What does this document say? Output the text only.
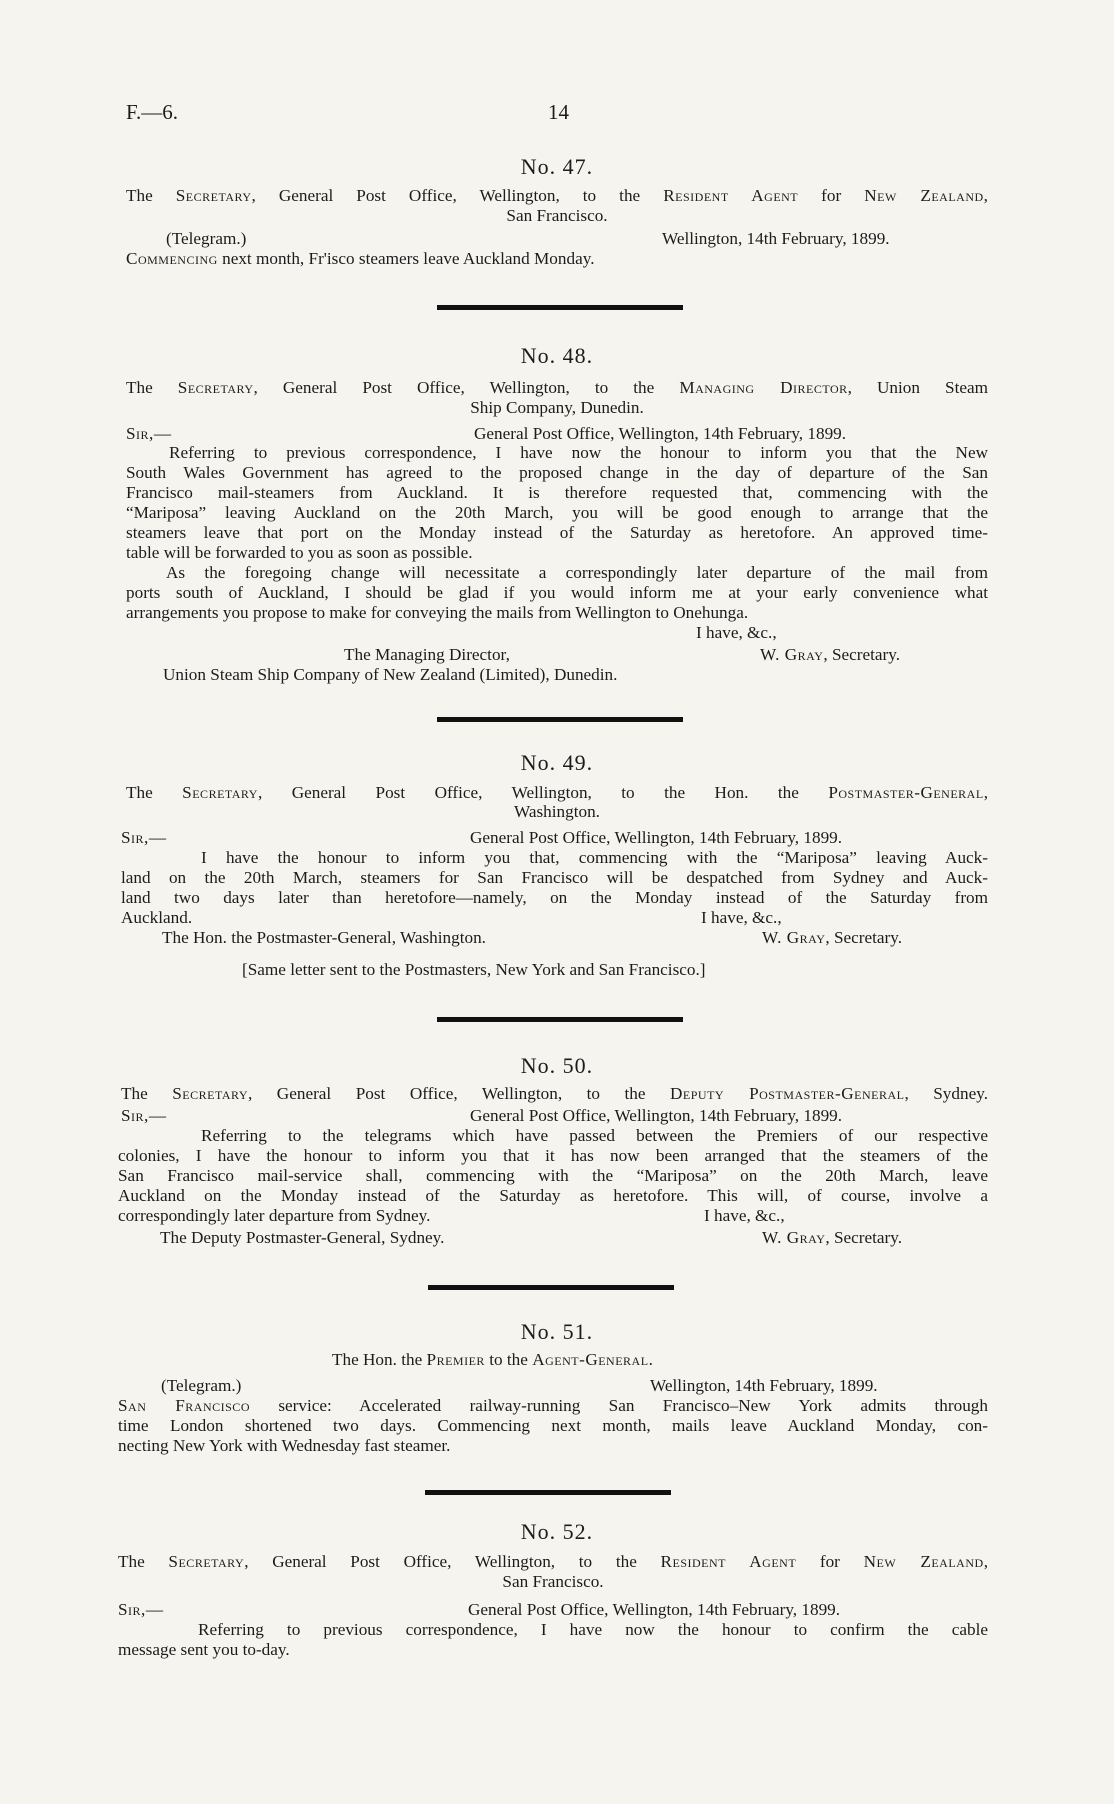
F.—6.	14
No. 47.
The Secretary, General Post Office, Wellington, to the Resident Agent for New Zealand,
San Francisco.
(Telegram.)	Wellington, 14th February, 1899.
Commencing next month, Fr'isco steamers leave Auckland Monday.
No. 48.
The Secretary, General Post Office, Wellington, to the Managing Director, Union Steam
Ship Company, Dunedin.
Sir,—	General Post Office, Wellington, 14th February, 1899.
Referring to previous correspondence, I have now the honour to inform you that the New
South Wales Government has agreed to the proposed change in the day of departure of the San
Francisco mail-steamers from Auckland. It is therefore requested that, commencing with the
“Mariposa” leaving Auckland on the 20th March, you will be good enough to arrange that the
steamers leave that port on the Monday instead of the Saturday as heretofore. An approved time-
table will be forwarded to you as soon as possible.
As the foregoing change will necessitate a correspondingly later departure of the mail from
ports south of Auckland, I should be glad if you would inform me at your early convenience what
arrangements you propose to make for conveying the mails from Wellington to Onehunga.
I have, &c.,
The Managing Director,	W. Gray, Secretary.
Union Steam Ship Company of New Zealand (Limited), Dunedin.
No. 49.
The Secretary, General Post Office, Wellington, to the Hon. the Postmaster-General,
Washington.
Sir,—	General Post Office, Wellington, 14th February, 1899.
I have the honour to inform you that, commencing with the “Mariposa” leaving Auck-
land on the 20th March, steamers for San Francisco will be despatched from Sydney and Auck-
land two days later than heretofore—namely, on the Monday instead of the Saturday from
Auckland.	I have, &c.,
The Hon. the Postmaster-General, Washington.	W. Gray, Secretary.
[Same letter sent to the Postmasters, New York and San Francisco.]
No. 50.
The Secretary, General Post Office, Wellington, to the Deputy Postmaster-General, Sydney.
Sir,—	General Post Office, Wellington, 14th February, 1899.
Referring to the telegrams which have passed between the Premiers of our respective
colonies, I have the honour to inform you that it has now been arranged that the steamers of the
San Francisco mail-service shall, commencing with the “Mariposa” on the 20th March, leave
Auckland on the Monday instead of the Saturday as heretofore. This will, of course, involve a
correspondingly later departure from Sydney.	I have, &c.,
The Deputy Postmaster-General, Sydney.	W. Gray, Secretary.
No. 51.
The Hon. the Premier to the Agent-General.
(Telegram.)	Wellington, 14th February, 1899.
San Francisco service: Accelerated railway-running San Francisco–New York admits through
time London shortened two days. Commencing next month, mails leave Auckland Monday, con-
necting New York with Wednesday fast steamer.
No. 52.
The Secretary, General Post Office, Wellington, to the Resident Agent for New Zealand,
San Francisco.
Sir,—	General Post Office, Wellington, 14th February, 1899.
Referring to previous correspondence, I have now the honour to confirm the cable
message sent you to-day.
